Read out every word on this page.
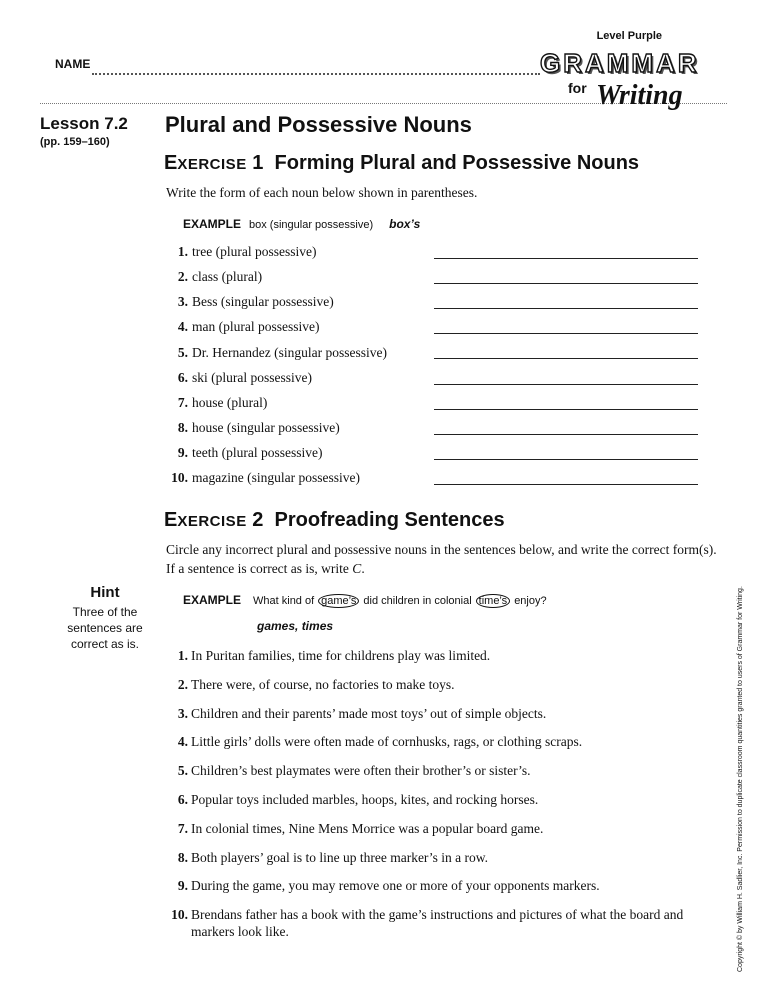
Level Purple
NAME	GRAMMAR
for Writing
Lesson 7.2
(pp. 159–160)
Plural and Possessive Nouns
EXERCISE 1 Forming Plural and Possessive Nouns
Write the form of each noun below shown in parentheses.
EXAMPLE box (singular possessive) box’s
1. tree (plural possessive)
2. class (plural)
3. Bess (singular possessive)
4. man (plural possessive)
5. Dr. Hernandez (singular possessive)
6. ski (plural possessive)
7. house (plural)
8. house (singular possessive)
9. teeth (plural possessive)
10. magazine (singular possessive)
EXERCISE 2 Proofreading Sentences
Circle any incorrect plural and possessive nouns in the sentences below, and write the correct form(s). If a sentence is correct as is, write C.
EXAMPLE What kind of game’s did children in colonial time’s enjoy?
games, times
Hint
Three of the sentences are correct as is.
1. In Puritan families, time for childrens play was limited.
2. There were, of course, no factories to make toys.
3. Children and their parents’ made most toys’ out of simple objects.
4. Little girls’ dolls were often made of cornhusks, rags, or clothing scraps.
5. Children’s best playmates were often their brother’s or sister’s.
6. Popular toys included marbles, hoops, kites, and rocking horses.
7. In colonial times, Nine Mens Morrice was a popular board game.
8. Both players’ goal is to line up three marker’s in a row.
9. During the game, you may remove one or more of your opponents markers.
10. Brendans father has a book with the game’s instructions and pictures of what the board and markers look like.	Copyright © by William H. Sadlier, Inc. Permission to duplicate classroom quantities granted to users of Grammar for Writing.
